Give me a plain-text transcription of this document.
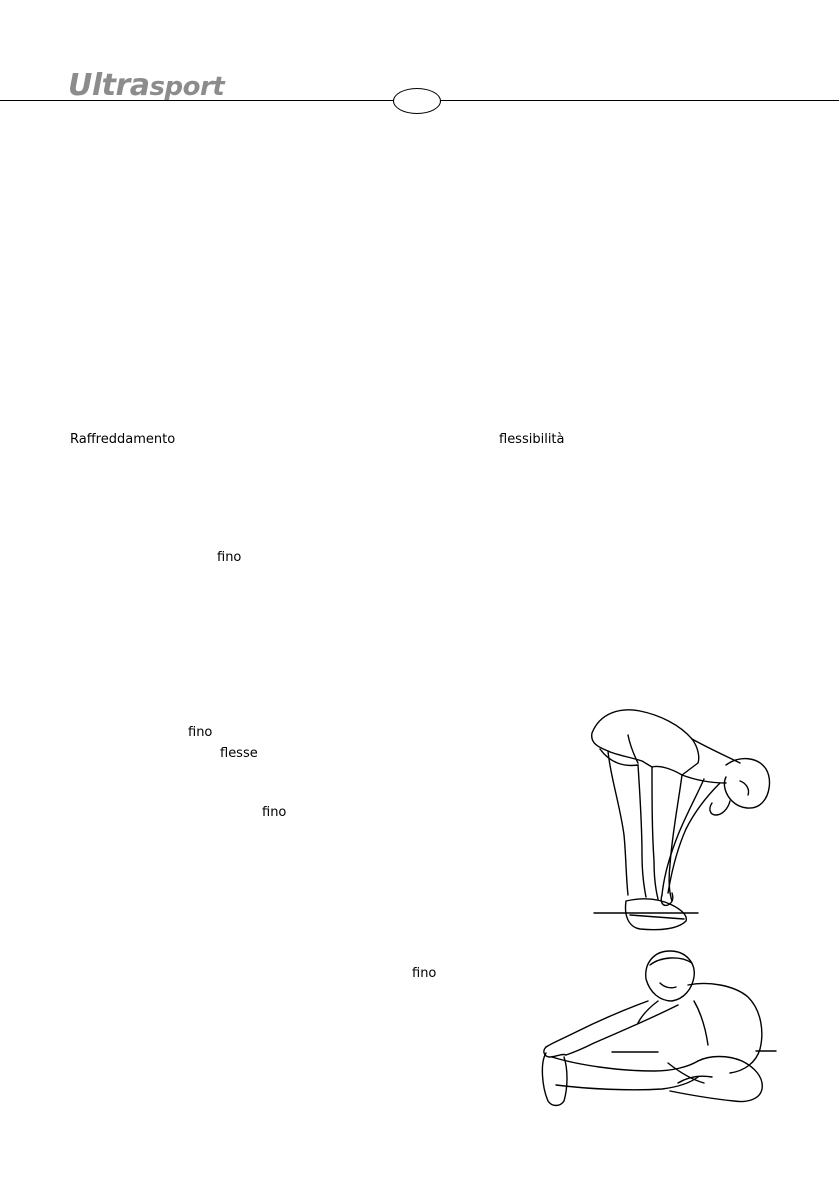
Ultrasport
Raffreddamento	flessibilità
fino
fino
flesse
fino
fino
